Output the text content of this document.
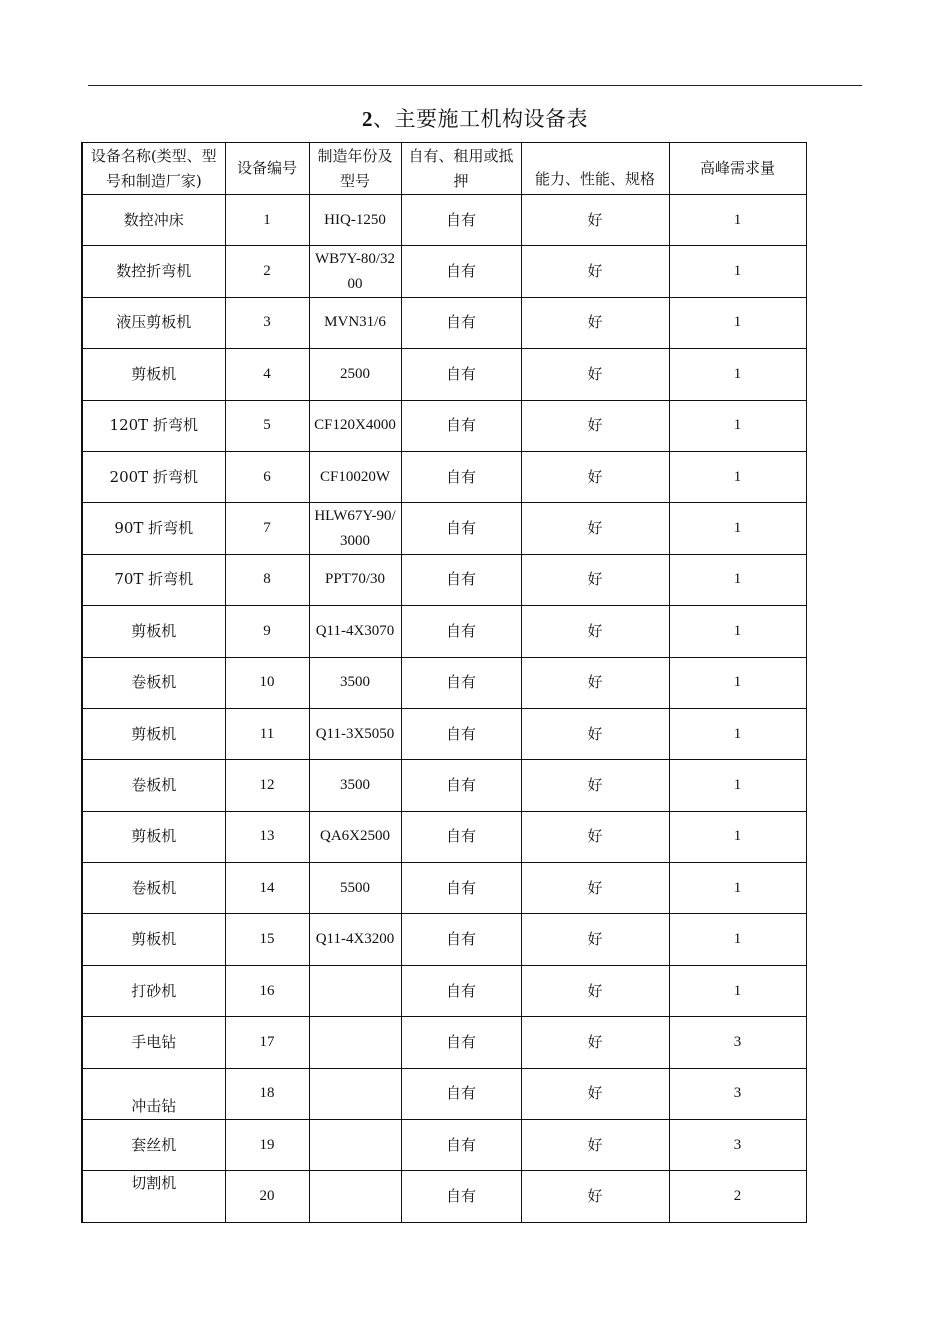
2、主要施工机构设备表
设备名称(类型、型号和制造厂家)	设备编号	制造年份及型号	自有、租用或抵押	能力、性能、规格	高峰需求量
数控冲床	1	HIQ-1250	自有	好	1
数控折弯机	2	WB7Y-80/3200	自有	好	1
液压剪板机	3	MVN31/6	自有	好	1
剪板机	4	2500	自有	好	1
120T 折弯机	5	CF120X4000	自有	好	1
200T 折弯机	6	CF10020W	自有	好	1
90T 折弯机	7	HLW67Y-90/3000	自有	好	1
70T 折弯机	8	PPT70/30	自有	好	1
剪板机	9	Q11-4X3070	自有	好	1
卷板机	10	3500	自有	好	1
剪板机	11	Q11-3X5050	自有	好	1
卷板机	12	3500	自有	好	1
剪板机	13	QA6X2500	自有	好	1
卷板机	14	5500	自有	好	1
剪板机	15	Q11-4X3200	自有	好	1
打砂机	16		自有	好	1
手电钻	17		自有	好	3
冲击钻	18		自有	好	3
套丝机	19		自有	好	3
切割机	20		自有	好	2
